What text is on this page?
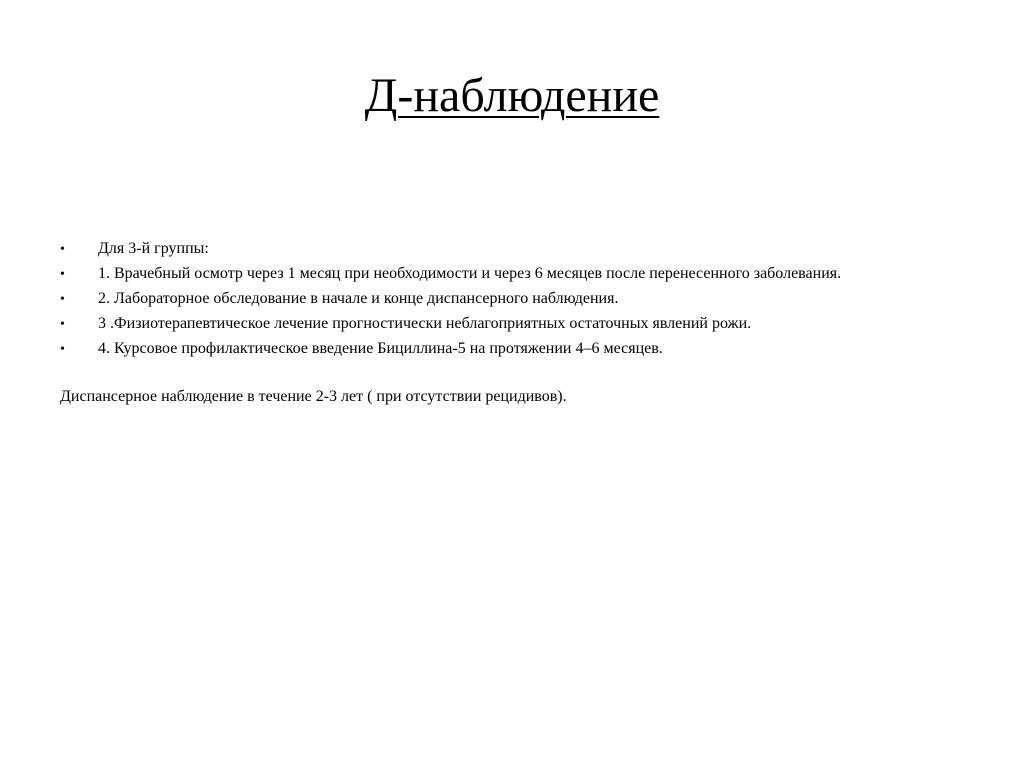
Д-наблюдение
•	Для 3-й группы:
•	1. Врачебный осмотр через 1 месяц при необходимости и через 6 месяцев после перенесенного заболевания.
•	2. Лабораторное обследование в начале и конце диспансерного наблюдения.
•	3 .Физиотерапевтическое лечение прогностически неблагоприятных остаточных явлений рожи.
•	4. Курсовое профилактическое введение Бициллина-5 на протяжении 4–6 месяцев.

Диспансерное наблюдение в течение 2-3 лет ( при отсутствии рецидивов).
